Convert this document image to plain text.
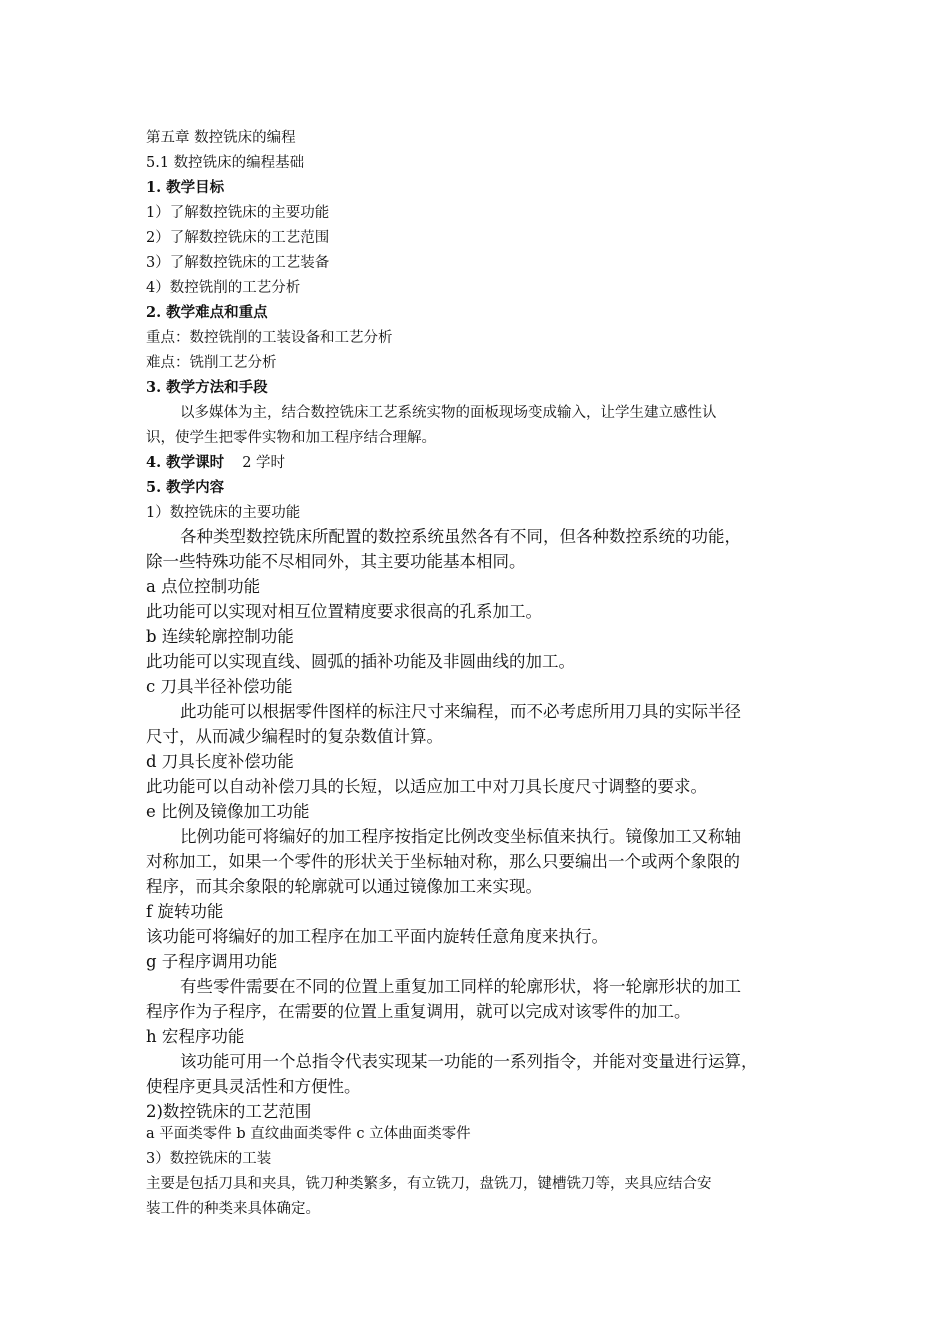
第五章 数控铣床的编程
5.1 数控铣床的编程基础
1. 教学目标
1）了解数控铣床的主要功能
2）了解数控铣床的工艺范围
3）了解数控铣床的工艺装备
4）数控铣削的工艺分析
2. 教学难点和重点
重点：数控铣削的工装设备和工艺分析
难点：铣削工艺分析
3. 教学方法和手段
以多媒体为主，结合数控铣床工艺系统实物的面板现场变成输入，让学生建立感性认
识，使学生把零件实物和加工程序结合理解。
4. 教学课时 2 学时
5. 教学内容
1）数控铣床的主要功能
各种类型数控铣床所配置的数控系统虽然各有不同，但各种数控系统的功能，
除一些特殊功能不尽相同外，其主要功能基本相同。
a 点位控制功能
此功能可以实现对相互位置精度要求很高的孔系加工。
b 连续轮廓控制功能
此功能可以实现直线、圆弧的插补功能及非圆曲线的加工。
c 刀具半径补偿功能
此功能可以根据零件图样的标注尺寸来编程，而不必考虑所用刀具的实际半径
尺寸，从而减少编程时的复杂数值计算。
d 刀具长度补偿功能
此功能可以自动补偿刀具的长短，以适应加工中对刀具长度尺寸调整的要求。
e 比例及镜像加工功能
比例功能可将编好的加工程序按指定比例改变坐标值来执行。镜像加工又称轴
对称加工，如果一个零件的形状关于坐标轴对称，那么只要编出一个或两个象限的
程序，而其余象限的轮廓就可以通过镜像加工来实现。
f 旋转功能
该功能可将编好的加工程序在加工平面内旋转任意角度来执行。
g 子程序调用功能
有些零件需要在不同的位置上重复加工同样的轮廓形状，将一轮廓形状的加工
程序作为子程序，在需要的位置上重复调用，就可以完成对该零件的加工。
h 宏程序功能
该功能可用一个总指令代表实现某一功能的一系列指令，并能对变量进行运算，
使程序更具灵活性和方便性。
2)数控铣床的工艺范围
a 平面类零件 b 直纹曲面类零件 c 立体曲面类零件
3）数控铣床的工装
主要是包括刀具和夹具，铣刀种类繁多，有立铣刀，盘铣刀，键槽铣刀等，夹具应结合安
装工件的种类来具体确定。
